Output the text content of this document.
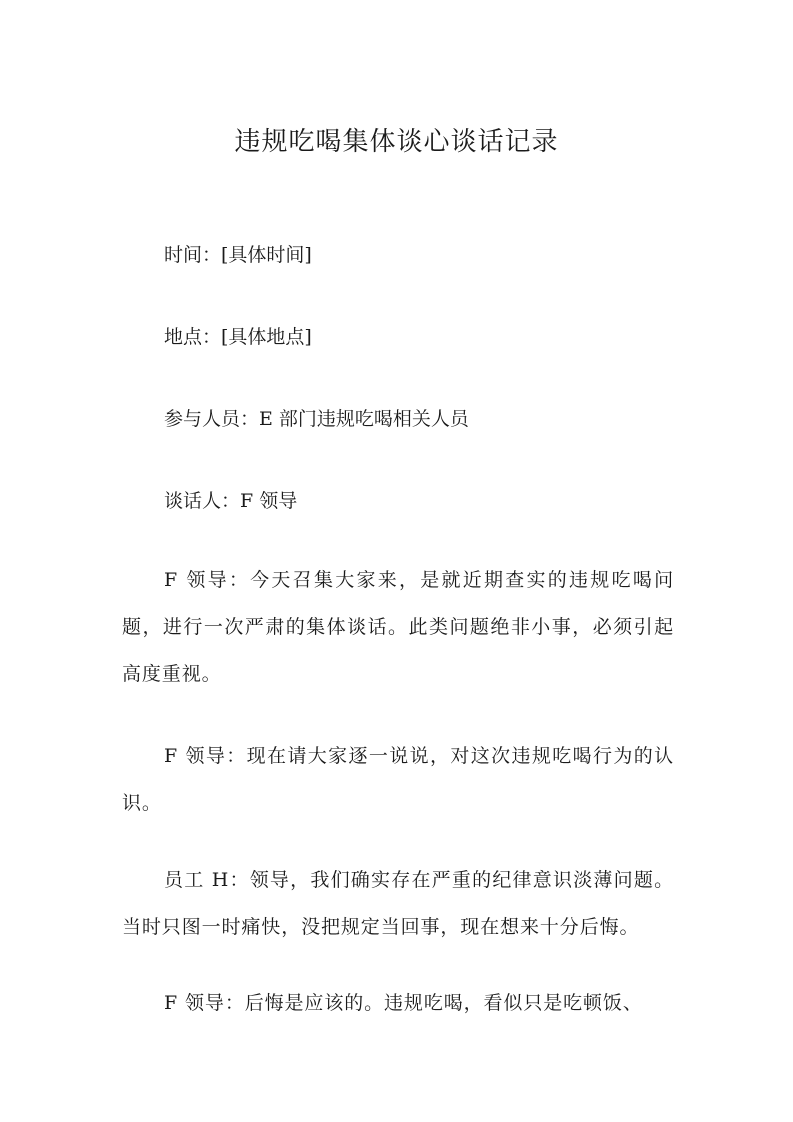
违规吃喝集体谈心谈话记录
时间：[具体时间]
地点：[具体地点]
参与人员：E 部门违规吃喝相关人员
谈话人：F 领导

F 领导：今天召集大家来，是就近期查实的违规吃喝问题，进行一次严肃的集体谈话。此类问题绝非小事，必须引起高度重视。

F 领导：现在请大家逐一说说，对这次违规吃喝行为的认识。

员工 H：领导，我们确实存在严重的纪律意识淡薄问题。当时只图一时痛快，没把规定当回事，现在想来十分后悔。

F 领导：后悔是应该的。违规吃喝，看似只是吃顿饭、
